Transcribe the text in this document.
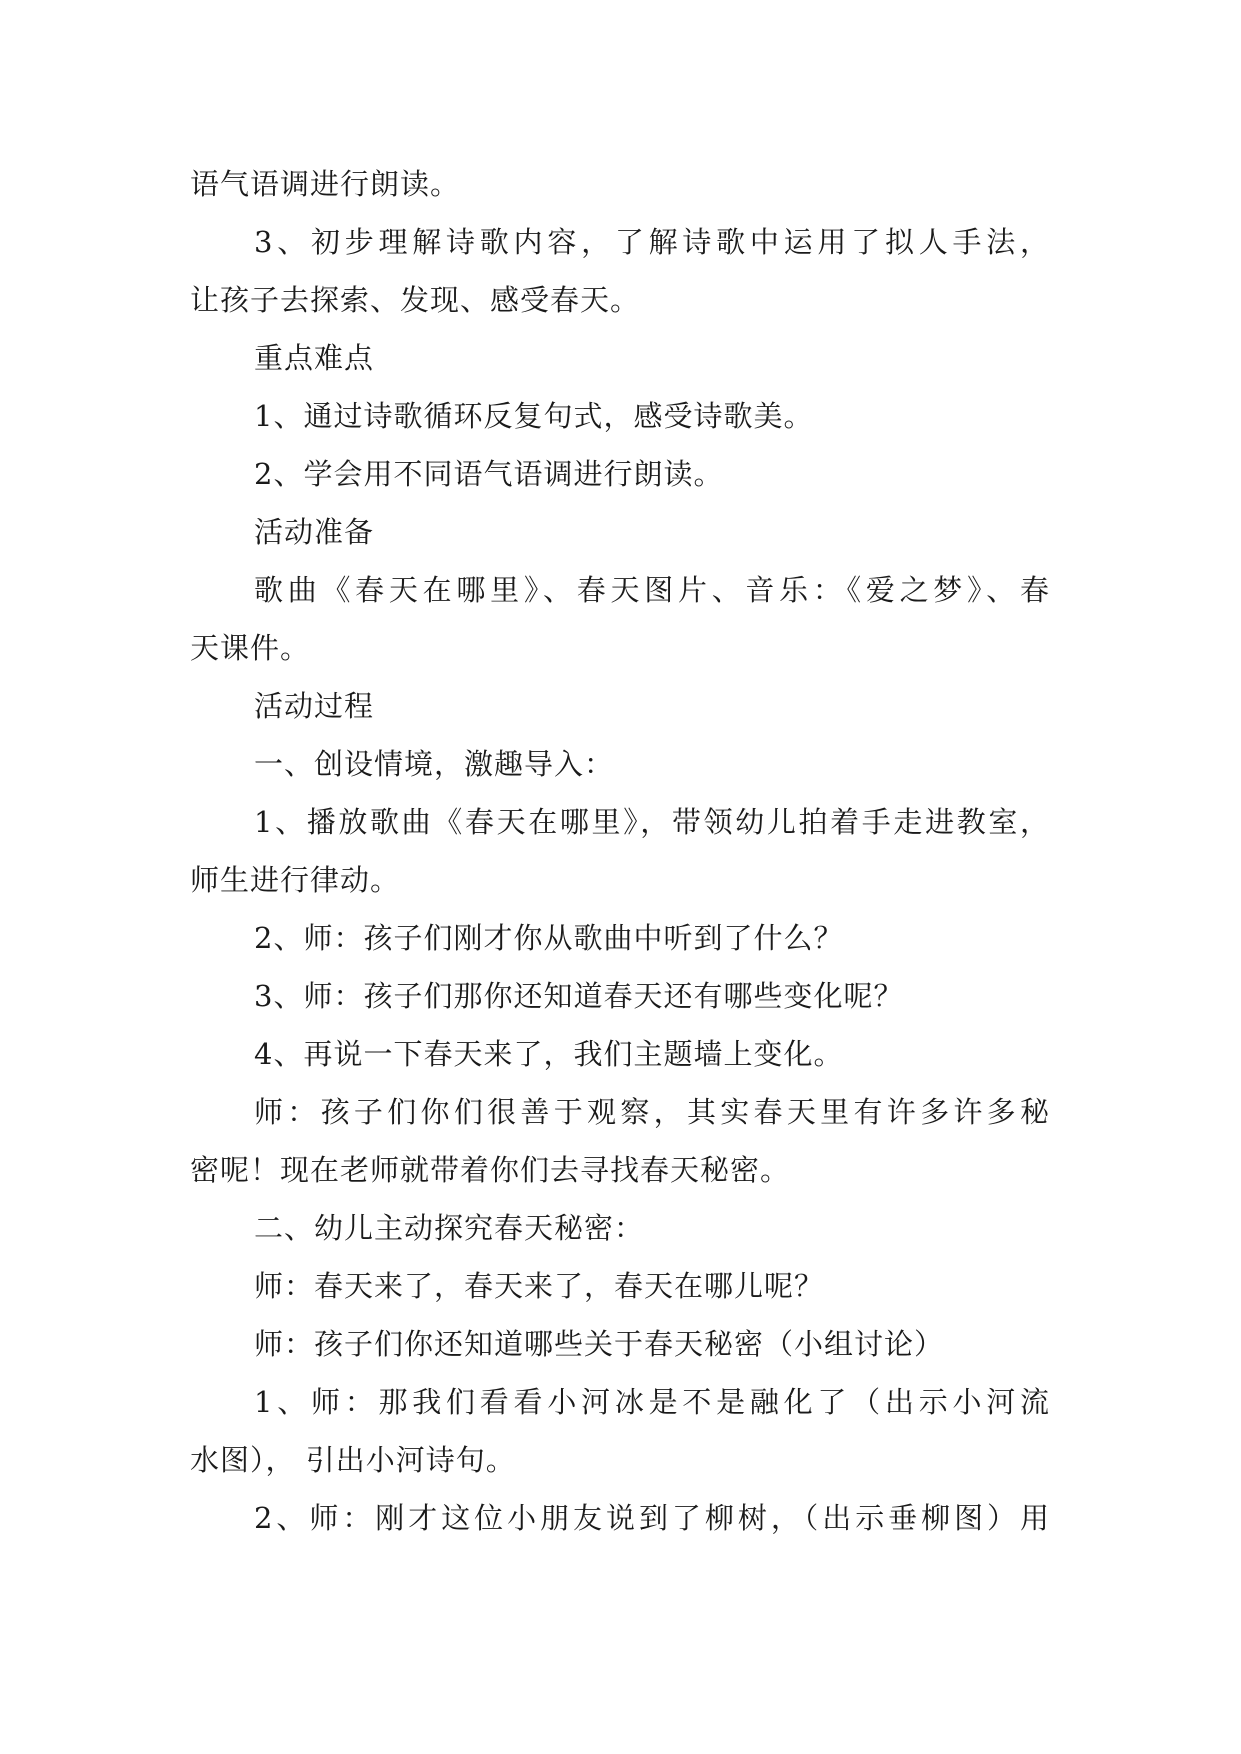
语气语调进行朗读。
3、初步理解诗歌内容，了解诗歌中运用了拟人手法，
让孩子去探索、发现、感受春天。
重点难点
1、通过诗歌循环反复句式，感受诗歌美。
2、学会用不同语气语调进行朗读。
活动准备
歌曲《春天在哪里》、春天图片、音乐：《爱之梦》、春
天课件。
活动过程
一、创设情境，激趣导入：
1、播放歌曲《春天在哪里》，带领幼儿拍着手走进教室，
师生进行律动。
2、师：孩子们刚才你从歌曲中听到了什么？
3、师：孩子们那你还知道春天还有哪些变化呢？
4、再说一下春天来了，我们主题墙上变化。
师：孩子们你们很善于观察，其实春天里有许多许多秘
密呢！现在老师就带着你们去寻找春天秘密。
二、幼儿主动探究春天秘密：
师：春天来了，春天来了，春天在哪儿呢？
师：孩子们你还知道哪些关于春天秘密（小组讨论）
1、师：那我们看看小河冰是不是融化了（出示小河流
水图）， 引出小河诗句。
2、师：刚才这位小朋友说到了柳树，（出示垂柳图）用
